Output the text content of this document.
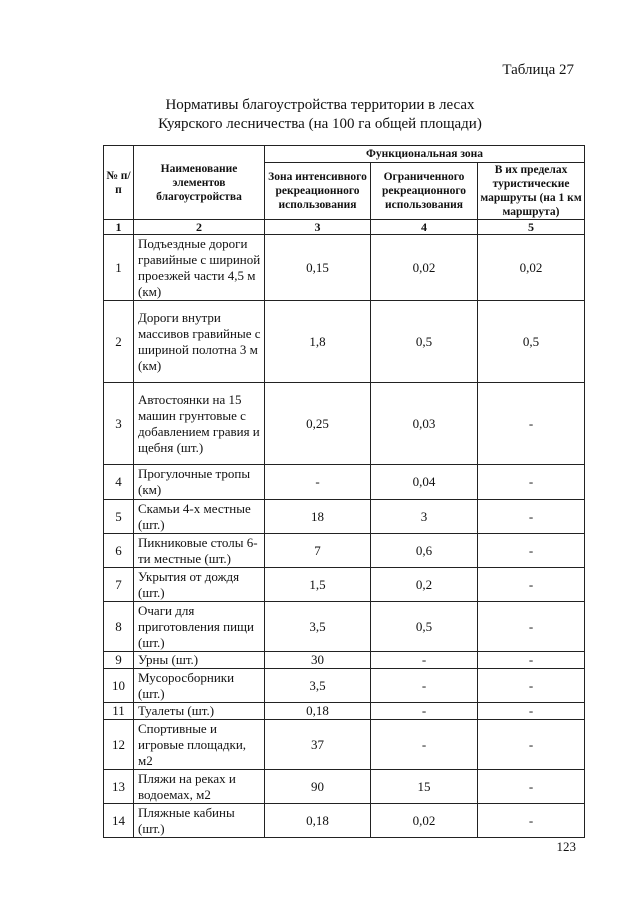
Таблица 27
Нормативы благоустройства территории в лесах
Куярского лесничества (на 100 га общей площади)
№ п/п	Наименование элементов благоустройства	Функциональная зона		
		Зона интенсивного рекреационного использования	Ограниченного рекреационного использования	В их пределах туристические маршруты (на 1 км маршрута)
1	2	3	4	5
1	Подъездные дороги гравийные с шириной проезжей части 4,5 м (км)	0,15	0,02	0,02
2	Дороги внутри массивов гравийные с шириной полотна 3 м (км)	1,8	0,5	0,5
3	Автостоянки на 15 машин грунтовые с добавлением гравия и щебня (шт.)	0,25	0,03	-
4	Прогулочные тропы (км)	-	0,04	-
5	Скамьи 4-х местные (шт.)	18	3	-
6	Пикниковые столы 6-ти местные (шт.)	7	0,6	-
7	Укрытия от дождя (шт.)	1,5	0,2	-
8	Очаги для приготовления пищи (шт.)	3,5	0,5	-
9	Урны (шт.)	30	-	-
10	Мусоросборники (шт.)	3,5	-	-
11	Туалеты (шт.)	0,18	-	-
12	Спортивные и игровые площадки, м2	37	-	-
13	Пляжи на реках и водоемах, м2	90	15	-
14	Пляжные кабины (шт.)	0,18	0,02	-
123
